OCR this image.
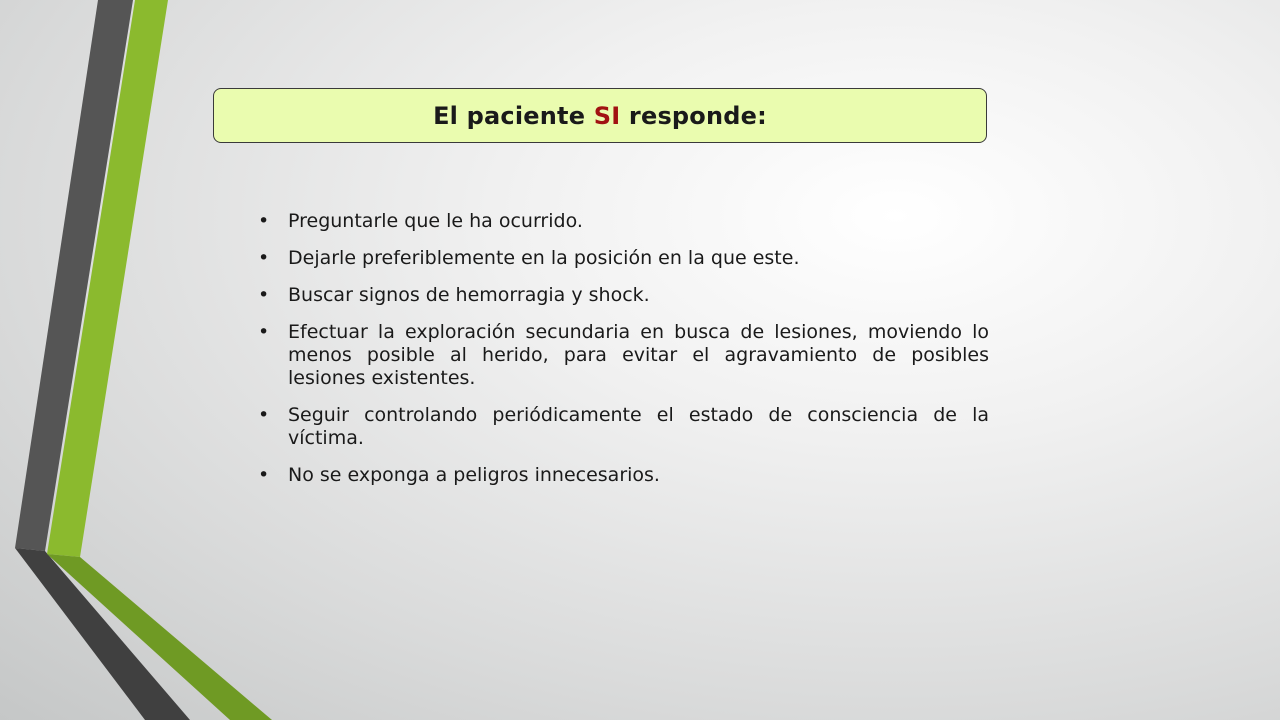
El paciente SI responde:
• Preguntarle que le ha ocurrido.
• Dejarle preferiblemente en la posición en la que este.
• Buscar signos de hemorragia y shock.
• Efectuar la exploración secundaria en busca de lesiones, moviendo lo menos posible al herido, para evitar el agravamiento de posibles lesiones existentes.
• Seguir controlando periódicamente el estado de consciencia de la víctima.
• No se exponga a peligros innecesarios.
